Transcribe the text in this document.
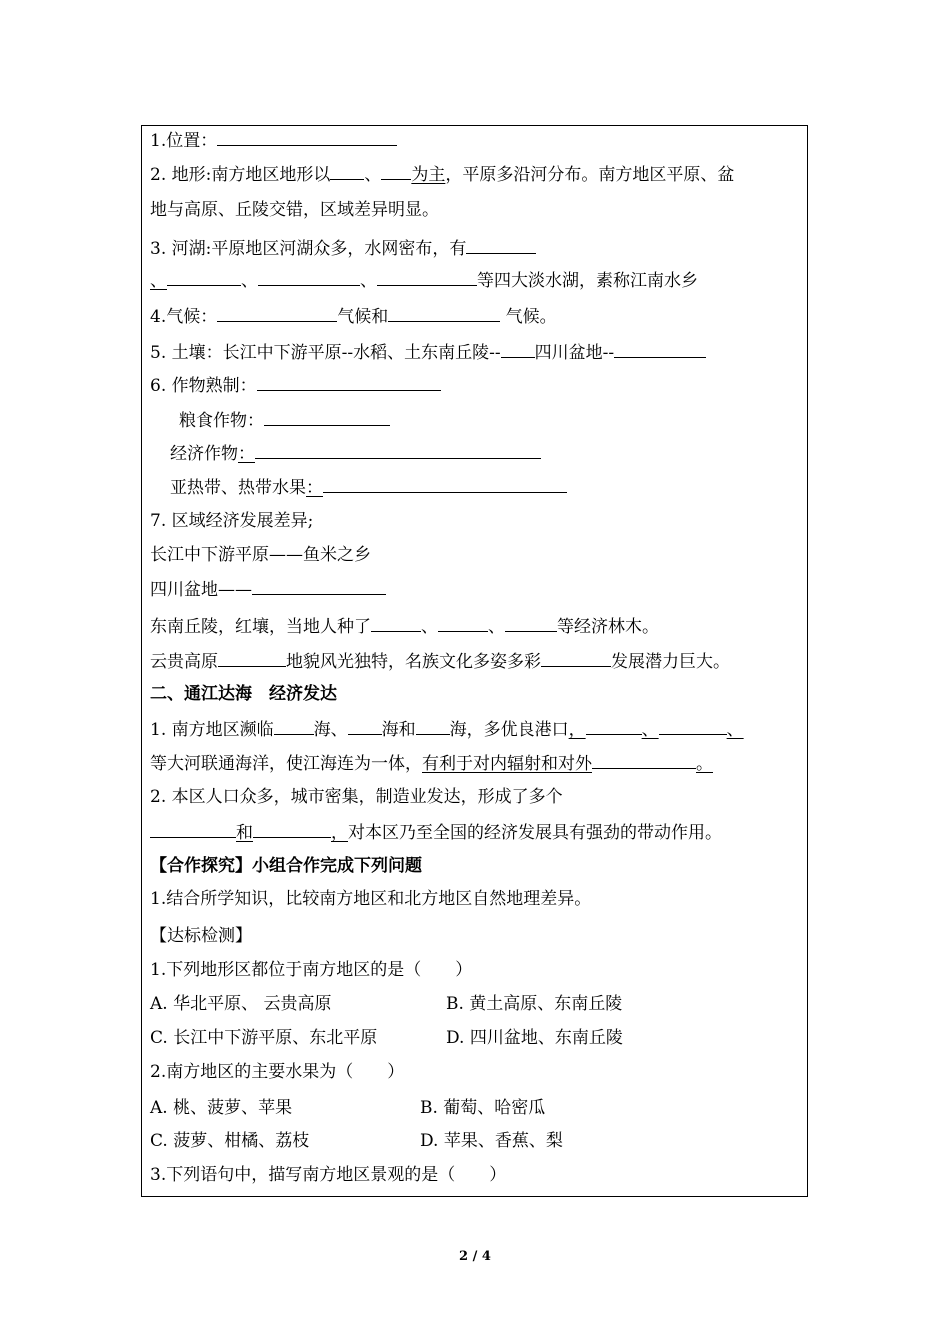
1.位置：
2. 地形:南方地区地形以 、 为主，平原多沿河分布。南方地区平原、盆
地与高原、丘陵交错，区域差异明显。
3. 河湖:平原地区河湖众多，水网密布，有
、	、	、	等四大淡水湖，素称江南水乡
4.气候：	气候和	气候。
5. 土壤：长江中下游平原--水稻、土东南丘陵-- 四川盆地--
6. 作物熟制：
粮食作物：
经济作物：
亚热带、热带水果：
7. 区域经济发展差异;
长江中下游平原——鱼米之乡
四川盆地——
东南丘陵，红壤，当地人种了	、	、	等经济林木。
云贵高原	地貌风光独特，名族文化多姿多彩	发展潜力巨大。
二、通江达海　经济发达
1. 南方地区濒临 海、 海和 海，多优良港口，	、	、
等大河联通海洋，使江海连为一体，有利于对内辐射和对外	。
2. 本区人口众多，城市密集，制造业发达，形成了多个
和	，对本区乃至全国的经济发展具有强劲的带动作用。
【合作探究】小组合作完成下列问题
1.结合所学知识，比较南方地区和北方地区自然地理差异。
【达标检测】
1.下列地形区都位于南方地区的是（　　）
A. 华北平原、 云贵高原	B. 黄土高原、东南丘陵
C. 长江中下游平原、东北平原	D. 四川盆地、东南丘陵
2.南方地区的主要水果为（　　）
A. 桃、菠萝、苹果	B. 葡萄、哈密瓜
C. 菠萝、柑橘、荔枝	D. 苹果、香蕉、梨
3.下列语句中，描写南方地区景观的是（　　）
2 / 4
